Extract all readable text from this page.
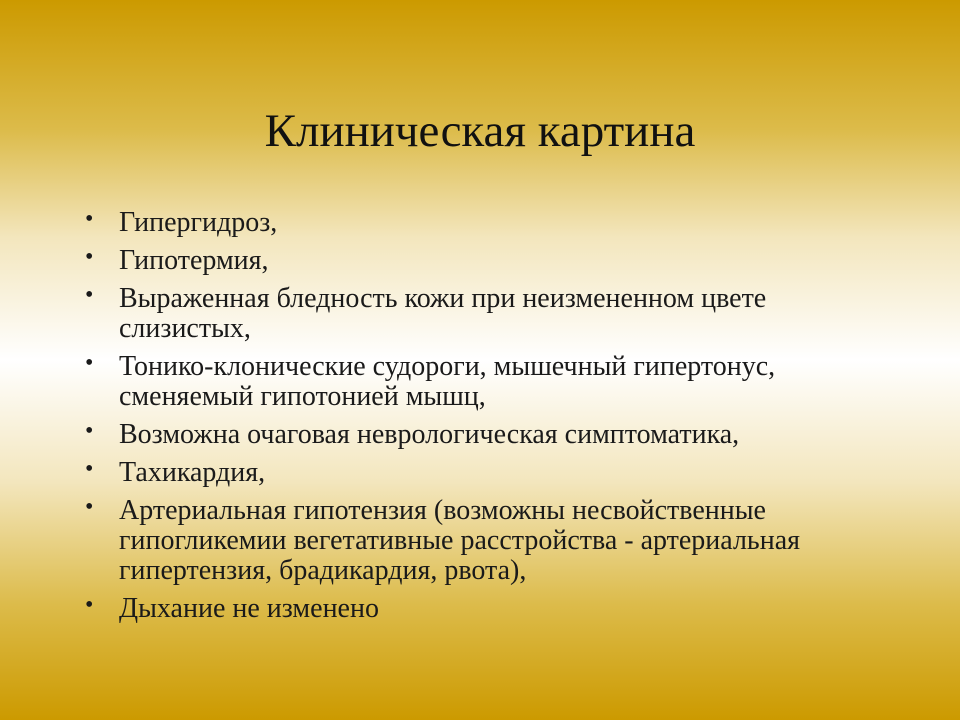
Клиническая картина
• Гипергидроз,
• Гипотермия,
• Выраженная бледность кожи при неизмененном цвете слизистых,
• Тонико-клонические судороги, мышечный гипертонус, сменяемый гипотонией мышц,
• Возможна очаговая неврологическая симптоматика,
• Тахикардия,
• Артериальная гипотензия (возможны несвойственные гипогликемии вегетативные расстройства - артериальная гипертензия, брадикардия, рвота),
• Дыхание не изменено
